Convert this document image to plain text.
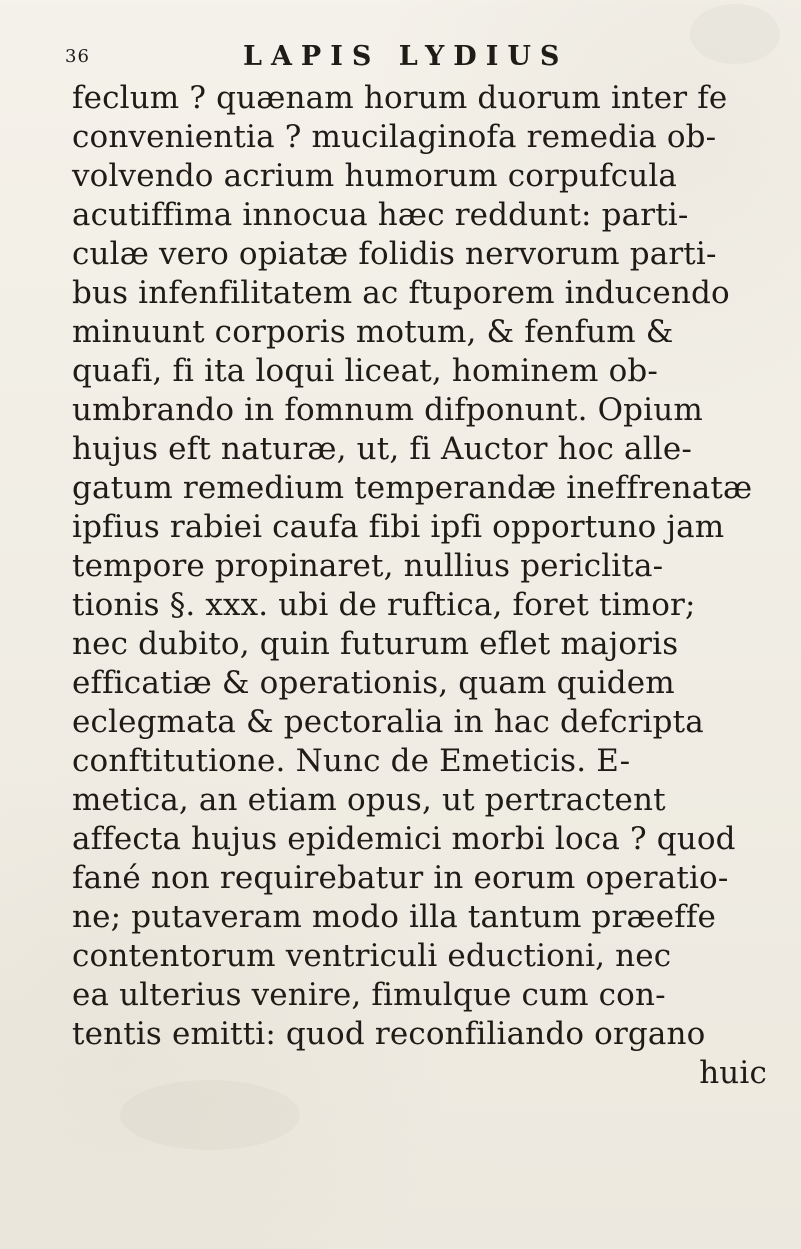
36	LAPIS LYDIUS
feclum ? quænam horum duorum inter fe
convenientia ? mucilaginofa remedia ob-
volvendo acrium humorum corpufcula
acutiffima innocua hæc reddunt: parti-
culæ vero opiatæ folidis nervorum parti-
bus infenfilitatem ac ftuporem inducendo
minuunt corporis motum, & fenfum &
quafi, fi ita loqui liceat, hominem ob-
umbrando in fomnum difponunt. Opium
hujus eft naturæ, ut, fi Auctor hoc alle-
gatum remedium temperandæ ineffrenatæ
ipfius rabiei caufa fibi ipfi opportuno jam
tempore propinaret, nullius periclita-
tionis §. xxx. ubi de ruftica, foret timor;
nec dubito, quin futurum eflet majoris
efficatiæ & operationis, quam quidem
eclegmata & pectoralia in hac defcripta
conftitutione. Nunc de Emeticis. E-
metica, an etiam opus, ut pertractent
affecta hujus epidemici morbi loca ? quod
fané non requirebatur in eorum operatio-
ne; putaveram modo illa tantum præeffe
contentorum ventriculi eductioni, nec
ea ulterius venire, fimulque cum con-
tentis emitti: quod reconfiliando organo
huic
